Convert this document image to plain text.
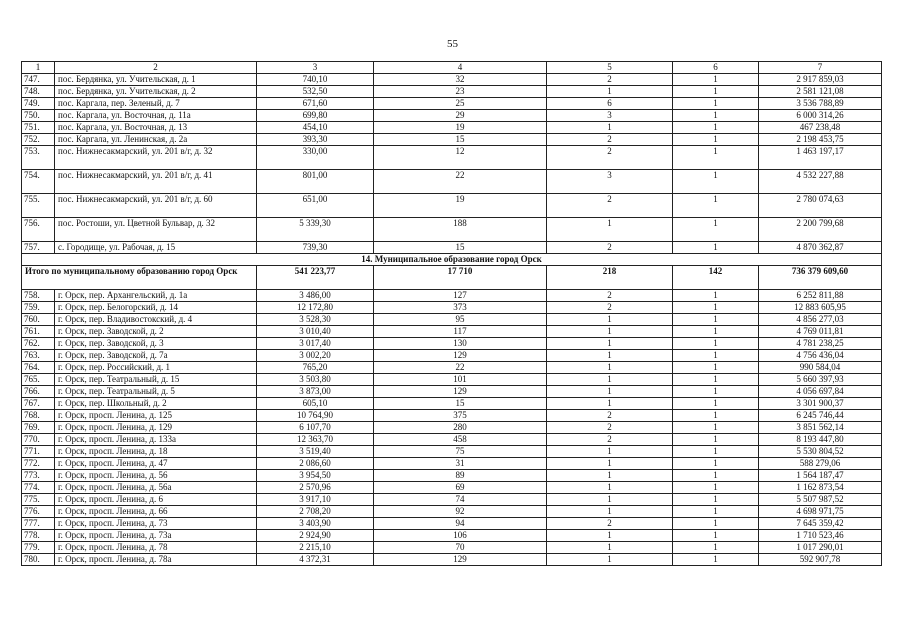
55
1	2	3	4	5	6	7
747.	пос. Бердянка, ул. Учительская, д. 1	740,10	32	2	1	2 917 859,03
748.	пос. Бердянка, ул. Учительская, д. 2	532,50	23	1	1	2 581 121,08
749.	пос. Каргала, пер. Зеленый, д. 7	671,60	25	6	1	3 536 788,89
750.	пос. Каргала, ул. Восточная, д. 11а	699,80	29	3	1	6 000 314,26
751.	пос. Каргала, ул. Восточная, д. 13	454,10	19	1	1	467 238,48
752.	пос. Каргала, ул. Ленинская, д. 2а	393,30	15	2	1	2 198 453,75
753.	пос. Нижнесакмарский, ул. 201 в/г, д. 32	330,00	12	2	1	1 463 197,17
754.	пос. Нижнесакмарский, ул. 201 в/г, д. 41	801,00	22	3	1	4 532 227,88
755.	пос. Нижнесакмарский, ул. 201 в/г, д. 60	651,00	19	2	1	2 780 074,63
756.	пос. Ростоши, ул. Цветной Бульвар, д. 32	5 339,30	188	1	1	2 200 799,68
757.	с. Городище, ул. Рабочая, д. 15	739,30	15	2	1	4 870 362,87
14. Муниципальное образование город Орск						
Итого по муниципальному образованию город Орск		541 223,77	17 710	218	142	736 379 609,60
758.	г. Орск, пер. Архангельский, д. 1а	3 486,00	127	2	1	6 252 811,88
759.	г. Орск, пер. Белогорский, д. 14	12 172,80	373	2	1	12 883 605,95
760.	г. Орск, пер. Владивостокский, д. 4	3 528,30	95	1	1	4 856 277,03
761.	г. Орск, пер. Заводской, д. 2	3 010,40	117	1	1	4 769 011,81
762.	г. Орск, пер. Заводской, д. 3	3 017,40	130	1	1	4 781 238,25
763.	г. Орск, пер. Заводской, д. 7а	3 002,20	129	1	1	4 756 436,04
764.	г. Орск, пер. Российский, д. 1	765,20	22	1	1	990 584,04
765.	г. Орск, пер. Театральный, д. 15	3 503,80	101	1	1	5 660 397,93
766.	г. Орск, пер. Театральный, д. 5	3 873,00	129	1	1	4 056 697,84
767.	г. Орск, пер. Школьный, д. 2	605,10	15	1	1	3 301 900,37
768.	г. Орск, просп. Ленина, д. 125	10 764,90	375	2	1	6 245 746,44
769.	г. Орск, просп. Ленина, д. 129	6 107,70	280	2	1	3 851 562,14
770.	г. Орск, просп. Ленина, д. 133а	12 363,70	458	2	1	8 193 447,80
771.	г. Орск, просп. Ленина, д. 18	3 519,40	75	1	1	5 530 804,52
772.	г. Орск, просп. Ленина, д. 47	2 086,60	31	1	1	588 279,06
773.	г. Орск, просп. Ленина, д. 56	3 954,50	89	1	1	1 564 187,47
774.	г. Орск, просп. Ленина, д. 56а	2 570,96	69	1	1	1 162 873,54
775.	г. Орск, просп. Ленина, д. 6	3 917,10	74	1	1	5 507 987,52
776.	г. Орск, просп. Ленина, д. 66	2 708,20	92	1	1	4 698 971,75
777.	г. Орск, просп. Ленина, д. 73	3 403,90	94	2	1	7 645 359,42
778.	г. Орск, просп. Ленина, д. 73а	2 924,90	106	1	1	1 710 523,46
779.	г. Орск, просп. Ленина, д. 78	2 215,10	70	1	1	1 017 290,01
780.	г. Орск, просп. Ленина, д. 78а	4 372,31	129	1	1	592 907,78
